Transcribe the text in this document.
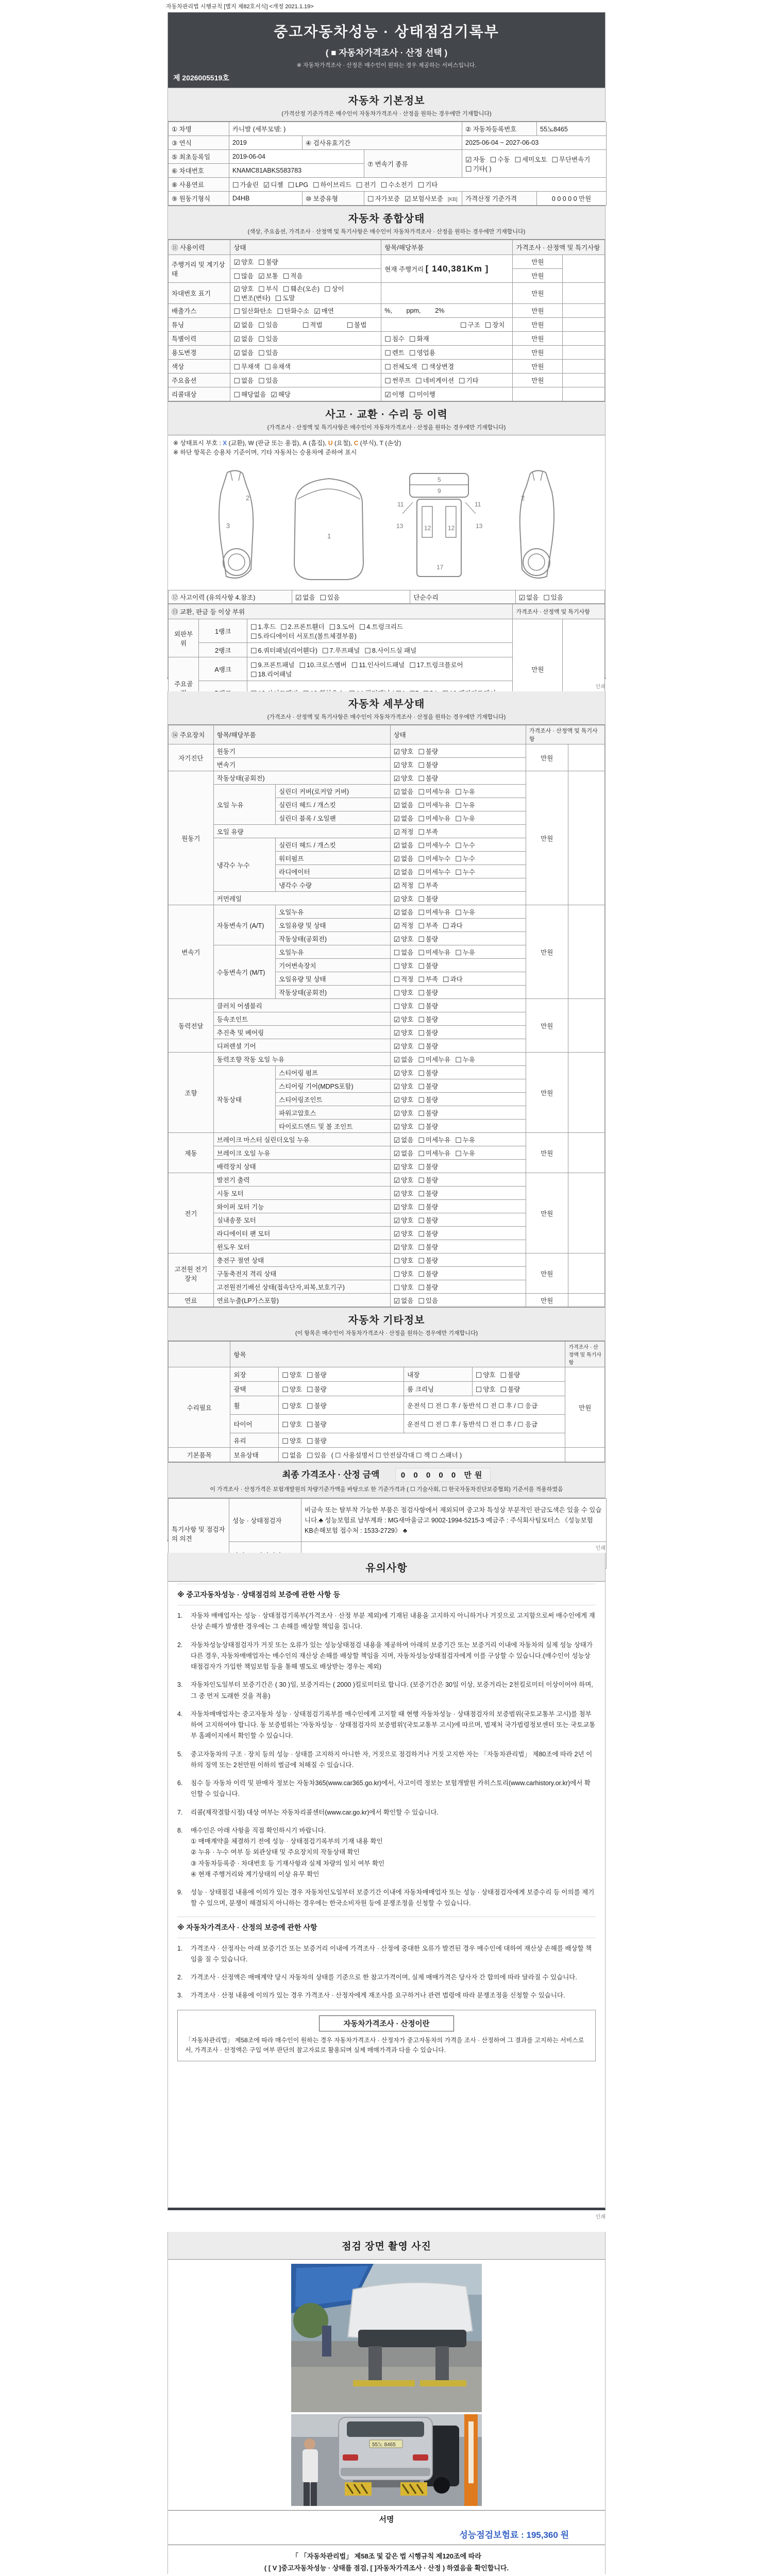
자동차관리법 시행규칙 [별지 제82호서식] <개정 2021.1.19>
중고자동차성능 · 상태점검기록부
( ■ 자동차가격조사 · 산정 선택 )
※ 자동차가격조사 · 산정은 매수인이 원하는 경우 제공하는 서비스입니다.
제 2026005519호
자동차 기본정보
(가격산정 기준가격은 매수인이 자동차가격조사 · 산정을 원하는 경우에만 기재합니다)
① 차명	카니발 (세부모델: )			② 자동차등록번호	55노8465
③ 연식	2019	④ 검사유효기간		2025-06-04 ~ 2027-06-03	
⑤ 최초등록일	2019-06-04		⑦ 변속기 종류	☑ 자동 ☐ 수동 ☐ 세미오토 ☐ 무단변속기☐ 기타( )	
⑥ 차대번호	KNAMC81ABKS583783				
⑧ 사용연료	☐ 가솔린 ☑ 디젤 ☐ LPG ☐ 하이브리드 ☐ 전기 ☐ 수소전기 ☐ 기타				
⑨ 원동기형식	D4HB	⑩ 보증유형	☐ 자가보증 ☑ 보험사보증 [KB]	가격산정 기준가격	0 0 0 0 0 만원
자동차 종합상태
(색상, 주요옵션, 가격조사 · 산정액 및 특기사항은 매수인이 자동차가격조사 · 산정을 원하는 경우에만 기재합니다)
⑪ 사용이력	상태	항목/해당부품	가격조사 · 산정액 및 특기사항	
주행거리 및 계기상태	☑ 양호 ☐ 불량	현재 주행거리 [ 140,381Km ]	만원	
	☐ 많음 ☑ 보통 ☐ 적음		만원	
차대번호 표기	☑ 양호 ☐ 부식 ☐ 훼손(오손) ☐ 상이☐ 변조(변타) ☐ 도말		만원	
배출가스	☐ 일산화탄소 ☐ 탄화수소 ☑ 매연	%,        ppm,        2%	만원	
튜닝	☑ 없음 ☐ 있음 ☐ 적법 ☐ 불법	☐ 구조 ☐ 장치	만원	
특별이력	☑ 없음 ☐ 있음	☐ 침수 ☐ 화재	만원	
용도변경	☑ 없음 ☐ 있음	☐ 렌트 ☐ 영업용	만원	
색상	☐ 무채색 ☐ 유채색	☐ 전체도색 ☐ 색상변경	만원	
주요옵션	☐ 없음 ☐ 있음	☐ 썬루프 ☐ 네비게이션 ☐ 기타	만원	
리콜대상	☐ 해당없음 ☑ 해당	☑ 이행 ☐ 미이행		
사고 · 교환 · 수리 등 이력
(가격조사 · 산정액 및 특기사항은 매수인이 자동차가격조사 · 산정을 원하는 경우에만 기재합니다)
※ 상태표시 부호 : X (교환), W (판금 또는 용접), A (흠집), U (요철), C (부식), T (손상)
※ 하단 항목은 승용차 기준이며, 기타 자동차는 승용차에 준하여 표시
2
3
1
5
9
11	11
13	13
12	12
17
2
⑫ 사고이력 (유의사항 4.참조)	☑ 없음 ☐ 있음	단순수리	☑ 없음 ☐ 있음
⑬ 교환, 판금 등 이상 부위			가격조사 · 산정액 및 특기사항	
외판부위	1랭크	☐ 1.후드 ☐ 2.프론트휀더 ☐ 3.도어 ☐ 4.트렁크리드☐ 5.라디에이터 서포트(볼트체결부품)	만원	
	2랭크	☐ 6.쿼터패널(리어휀다) ☐ 7.루프패널 ☐ 8.사이드실 패널		
주요골	A랭크	☐ 9.프론트패널 ☐ 10.크로스멤버 ☐ 11.인사이드패널 ☐ 17.트렁크플로어☐ 18.리어패널		

인쇄
자동차 세부상태
(가격조사 · 산정액 및 특기사항은 매수인이 자동차가격조사 · 산정을 원하는 경우에만 기재합니다)
⑭ 주요장치	항목/해당부품		상태	가격조사 · 산정액 및 특기사항	
자기진단	원동기		☑ 양호 ☐ 불량	만원	
	변속기		☑ 양호 ☐ 불량		
원동기	작동상태(공회전)		☑ 양호 ☐ 불량	만원	
	오일 누유	실린더 커버(로커암 커버)	☑ 없음 ☐ 미세누유 ☐ 누유		
		실린더 헤드 / 개스킷	☑ 없음 ☐ 미세누유 ☐ 누유		
		실린더 블록 / 오일팬	☑ 없음 ☐ 미세누유 ☐ 누유		
	오일 유량		☑ 적정 ☐ 부족		
	냉각수 누수	실린더 헤드 / 개스킷	☑ 없음 ☐ 미세누수 ☐ 누수		
		워터펌프	☑ 없음 ☐ 미세누수 ☐ 누수		
		라디에이터	☑ 없음 ☐ 미세누수 ☐ 누수		
		냉각수 수량	☑ 적정 ☐ 부족		
	커먼레일		☑ 양호 ☐ 불량		
변속기	자동변속기 (A/T)	오일누유	☑ 없음 ☐ 미세누유 ☐ 누유	만원	
		오일유량 및 상태	☑ 적정 ☐ 부족 ☐ 과다		
		작동상태(공회전)	☑ 양호 ☐ 불량		
	수동변속기 (M/T)	오일누유	☐ 없음 ☐ 미세누유 ☐ 누유		
		기어변속장치	☐ 양호 ☐ 불량		
		오일유량 및 상태	☐ 적정 ☐ 부족 ☐ 과다		
		작동상태(공회전)	☐ 양호 ☐ 불량		
동력전달	클러치 어셈블리		☐ 양호 ☐ 불량	만원	
	등속조인트		☑ 양호 ☐ 불량		
	추진축 및 베어링		☑ 양호 ☐ 불량		
	디퍼렌셜 기어		☑ 양호 ☐ 불량		
조향	동력조향 작동 오일 누유		☑ 없음 ☐ 미세누유 ☐ 누유	만원	
	작동상태	스티어링 펌프	☑ 양호 ☐ 불량		
		스티어링 기어(MDPS포함)	☑ 양호 ☐ 불량		
		스티어링조인트	☑ 양호 ☐ 불량		
		파워고압호스	☑ 양호 ☐ 불량		
		타이로드엔드 및 볼 조인트	☑ 양호 ☐ 불량		
제동	브레이크 마스터 실린더오일 누유		☑ 없음 ☐ 미세누유 ☐ 누유	만원	
	브레이크 오일 누유		☑ 없음 ☐ 미세누유 ☐ 누유		
	배력장치 상태		☑ 양호 ☐ 불량		
전기	발전기 출력		☑ 양호 ☐ 불량	만원	
	시동 모터		☑ 양호 ☐ 불량		
	와이퍼 모터 기능		☑ 양호 ☐ 불량		
	실내송풍 모터		☑ 양호 ☐ 불량		
	라디에이터 팬 모터		☑ 양호 ☐ 불량		
	윈도우 모터		☑ 양호 ☐ 불량		
고전원 전기장치	충전구 절연 상태		☐ 양호 ☐ 불량	만원	
	구동축전지 격리 상태		☐ 양호 ☐ 불량		
	고전원전기배선 상태(접속단자,피복,보호기구)		☐ 양호 ☐ 불량		
연료	연료누출(LP가스포함)		☑ 없음 ☐ 있음	만원	
자동차 기타정보
(이 항목은 매수인이 자동차가격조사 · 산정을 원하는 경우에만 기재합니다)
	항목				가격조사 · 산정액 및 특기사항
수리필요	외장	☐ 양호 ☐ 불량	내장	☐ 양호 ☐ 불량	만원
	광택	☐ 양호 ☐ 불량	룸 크리닝	☐ 양호 ☐ 불량	
	휠	☐ 양호 ☐ 불량	운전석 ☐ 전 ☐ 후 / 동반석 ☐ 전 ☐ 후 / ☐ 응급		
	타이어	☐ 양호 ☐ 불량	운전석 ☐ 전 ☐ 후 / 동반석 ☐ 전 ☐ 후 / ☐ 응급		
	유리	☐ 양호 ☐ 불량			
기본품목	보유상태	☐ 없음 ☐ 있음 ( ☐ 사용설명서 ☐ 안전삼각대 ☐ 잭 ☐ 스패너 )			
최종 가격조사 · 산정 금액	0 0 0 0 0 만원
이 가격조사 · 산정가격은 보험개발원의 차량기준가액을 바탕으로 한 기준가격과 ( ☐ 기술사회, ☐ 한국자동차진단보증협회) 기준서를 적용하였음
특기사항 및 점검자의 의견	성능 · 상태점검자	비금속 또는 탈부착 가능한 부품은 점검사항에서 제외되며 중고차 특성상 부분적인 판금도색은 있을 수 있습니다.♣ 성능보험료 납부계좌 : MG새마을금고 9002-1994-5215-3 예금주 : 주식회사팀모터스 《성능보험 KB손해보험 접수처 : 1533-2729》 ♣

인쇄
유의사항
※ 중고자동차성능 · 상태점검의 보증에 관한 사항 등
1.	자동차 매매업자는 성능 · 상태점검기록부(가격조사 · 산정 부분 제외)에 기재된 내용을 고지하지 아니하거나 거짓으로 고지함으로써 매수인에게 재산상 손해가 발생한 경우에는 그 손해를 배상할 책임을 집니다.
2.	자동차성능상태점검자가 거짓 또는 오류가 있는 성능상태점검 내용을 제공하여 아래의 보증기간 또는 보증거리 이내에 자동차의 실제 성능 상태가 다른 경우, 자동차매매업자는 매수인의 재산상 손해를 배상할 책임을 지며, 자동차성능상태점검자에게 이를 구상할 수 있습니다.(매수인이 성능상태점검자가 가입한 책임보험 등을 통해 별도로 배상받는 경우는 제외)
3.	자동차인도일부터 보증기간은 ( 30 )일, 보증거리는 ( 2000 )킬로미터로 합니다. (보증기간은 30일 이상, 보증거리는 2천킬로미터 이상이어야 하며, 그 중 먼저 도래한 것을 적용)
4.	자동차매매업자는 중고자동차 성능 · 상태점검기록부를 매수인에게 고지할 때 현행 자동차성능 · 상태점검자의 보증범위(국토교통부 고시)를 첨부하여 고지하여야 합니다. 동 보증범위는 '자동차성능 · 상태점검자의 보증범위'(국토교통부 고시)에 따르며, 법제처 국가법령정보센터 또는 국토교통부 홈페이지에서 확인할 수 있습니다.
5.	중고자동차의 구조 · 장치 등의 성능 · 상태를 고지하지 아니한 자, 거짓으로 점검하거나 거짓 고지한 자는 「자동차관리법」 제80조에 따라 2년 이하의 징역 또는 2천만원 이하의 벌금에 처해질 수 있습니다.
6.	침수 등 자동차 이력 및 판매자 정보는 자동차365(www.car365.go.kr)에서, 사고이력 정보는 보험개발원 카히스토리(www.carhistory.or.kr)에서 확인할 수 있습니다.
7.	리콜(제작결함시정) 대상 여부는 자동차리콜센터(www.car.go.kr)에서 확인할 수 있습니다.
8.	매수인은 아래 사항을 직접 확인하시기 바랍니다.
① 매매계약을 체결하기 전에 성능 · 상태점검기록부의 기재 내용 확인
② 누유 · 누수 여부 등 외관상태 및 주요장치의 작동상태 확인
③ 자동차등록증 · 차대번호 등 기재사항과 실제 차량의 일치 여부 확인
④ 현재 주행거리와 계기상태의 이상 유무 확인
9.	성능 · 상태점검 내용에 이의가 있는 경우 자동차인도일부터 보증기간 이내에 자동차매매업자 또는 성능 · 상태점검자에게 보증수리 등 이의를 제기할 수 있으며, 분쟁이 해결되지 아니하는 경우에는 한국소비자원 등에 분쟁조정을 신청할 수 있습니다.
※ 자동차가격조사 · 산정의 보증에 관한 사항
1.	가격조사 · 산정자는 아래 보증기간 또는 보증거리 이내에 가격조사 · 산정에 중대한 오류가 발견된 경우 매수인에 대하여 재산상 손해를 배상할 책임을 질 수 있습니다.
2.	가격조사 · 산정액은 매매계약 당시 자동차의 상태를 기준으로 한 참고가격이며, 실제 매매가격은 당사자 간 합의에 따라 달라질 수 있습니다.
3.	가격조사 · 산정 내용에 이의가 있는 경우 가격조사 · 산정자에게 재조사를 요구하거나 관련 법령에 따라 분쟁조정을 신청할 수 있습니다.
자동차가격조사 · 산정이란
「자동차관리법」 제58조에 따라 매수인이 원하는 경우 자동차가격조사 · 산정자가 중고자동차의 가격을 조사 · 산정하여 그 결과를 고지하는 서비스로서, 가격조사 · 산정액은 구입 여부 판단의 참고자료로 활용되며 실제 매매가격과 다를 수 있습니다.
인쇄
점검 장면 촬영 사진
55노 8465
서명
성능점검보험료 : 195,360 원
「 「자동차관리법」 제58조 및 같은 법 시행규칙 제120조에 따라
( [ V ]중고자동차성능 · 상태를 점검, [ ]자동차가격조사 · 산정 ) 하였음을 확인합니다.
